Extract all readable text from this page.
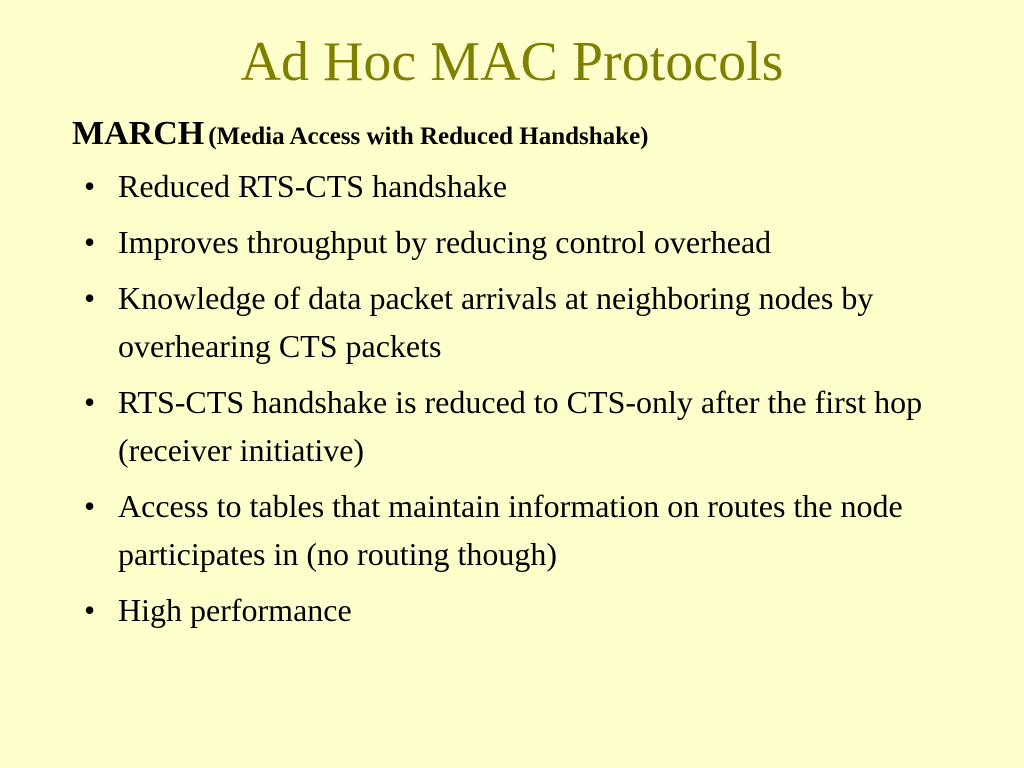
Ad Hoc MAC Protocols
MARCH (Media Access with Reduced Handshake)
• Reduced RTS-CTS handshake
• Improves throughput by reducing control overhead
• Knowledge of data packet arrivals at neighboring nodes by overhearing CTS packets
• RTS-CTS handshake is reduced to CTS-only after the first hop (receiver initiative)
• Access to tables that maintain information on routes the node participates in (no routing though)
• High performance
